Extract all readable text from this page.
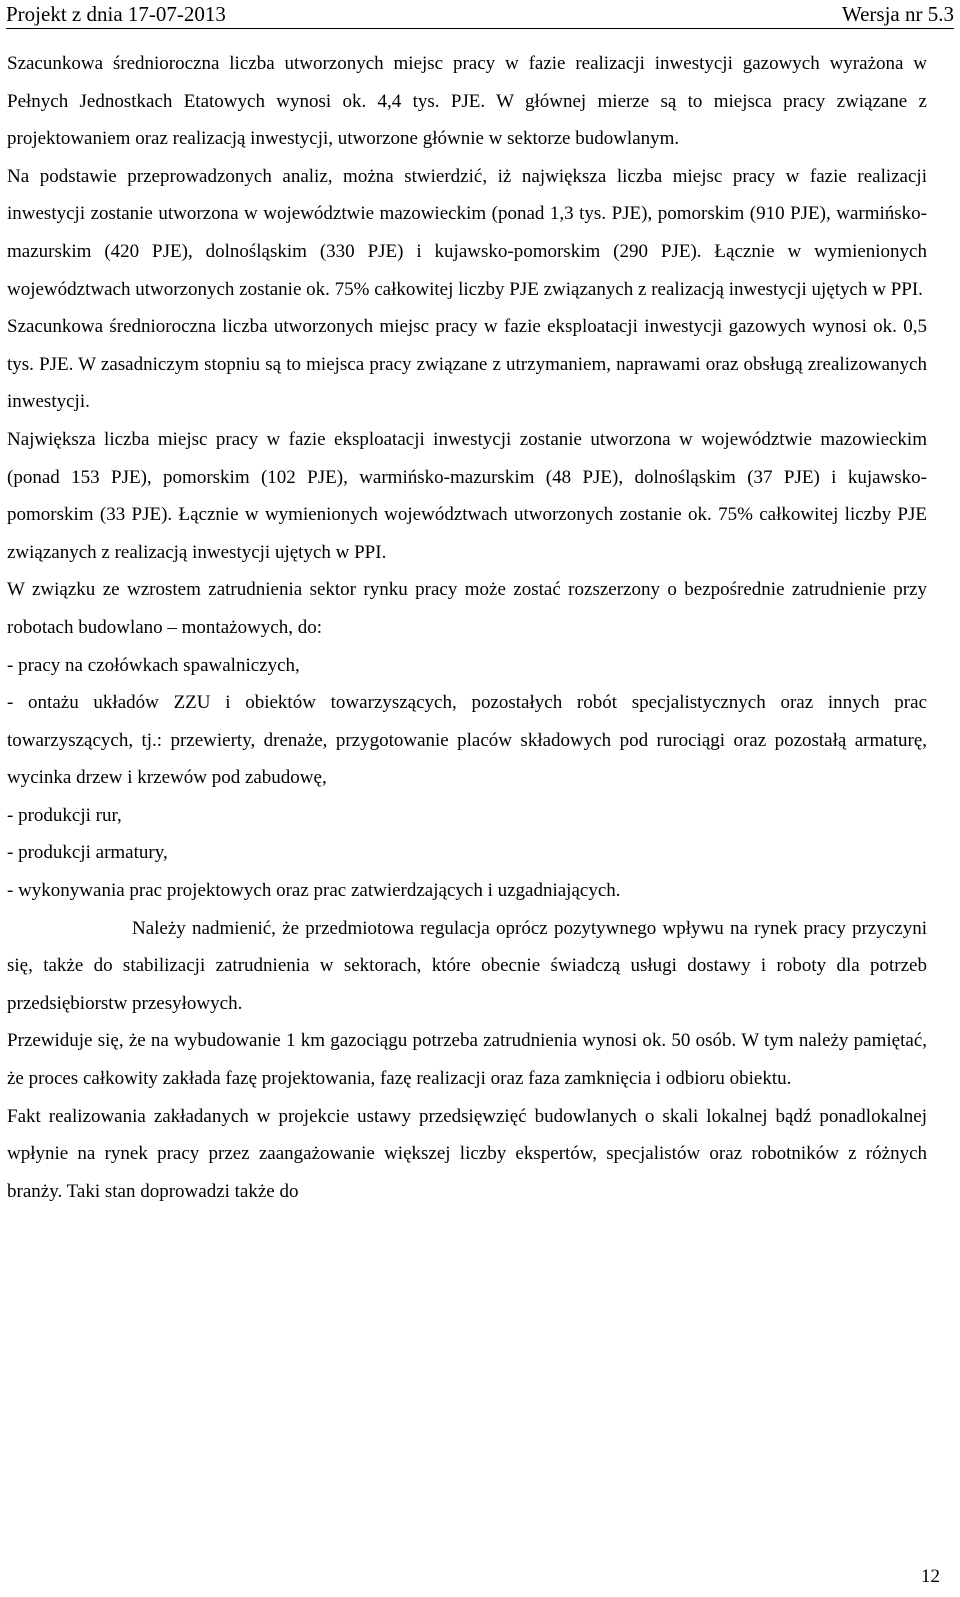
Projekt z dnia 17-07-2013	Wersja nr 5.3

Szacunkowa średnioroczna liczba utworzonych miejsc pracy w fazie realizacji inwestycji gazowych wyrażona w Pełnych Jednostkach Etatowych wynosi ok. 4,4 tys. PJE. W głównej mierze są to miejsca pracy związane z projektowaniem oraz realizacją inwestycji, utworzone głównie w sektorze budowlanym.

Na podstawie przeprowadzonych analiz, można stwierdzić, iż największa liczba miejsc pracy w fazie realizacji inwestycji zostanie utworzona w województwie mazowieckim (ponad 1,3 tys. PJE), pomorskim (910 PJE), warmińsko-mazurskim (420 PJE), dolnośląskim (330 PJE) i kujawsko-pomorskim (290 PJE). Łącznie w wymienionych województwach utworzonych zostanie ok. 75% całkowitej liczby PJE związanych z realizacją inwestycji ujętych w PPI.

Szacunkowa średnioroczna liczba utworzonych miejsc pracy w fazie eksploatacji inwestycji gazowych wynosi ok. 0,5 tys. PJE. W zasadniczym stopniu są to miejsca pracy związane z utrzymaniem, naprawami oraz obsługą zrealizowanych inwestycji.

Największa liczba miejsc pracy w fazie eksploatacji inwestycji zostanie utworzona w województwie mazowieckim (ponad 153 PJE), pomorskim (102 PJE), warmińsko-mazurskim (48 PJE), dolnośląskim (37 PJE) i kujawsko-pomorskim (33 PJE). Łącznie w wymienionych województwach utworzonych zostanie ok. 75% całkowitej liczby PJE związanych z realizacją inwestycji ujętych w PPI.

W związku ze wzrostem zatrudnienia sektor rynku pracy może zostać rozszerzony o bezpośrednie zatrudnienie przy robotach budowlano – montażowych, do:

- pracy na czołówkach spawalniczych,

- ontażu układów ZZU i obiektów towarzyszących, pozostałych robót specjalistycznych oraz innych prac towarzyszących, tj.: przewierty, drenaże, przygotowanie placów składowych pod rurociągi oraz pozostałą armaturę, wycinka drzew i krzewów pod zabudowę,

- produkcji rur,

- produkcji armatury,

- wykonywania prac projektowych oraz prac zatwierdzających i uzgadniających.

Należy nadmienić, że przedmiotowa regulacja oprócz pozytywnego wpływu na rynek pracy przyczyni się, także do stabilizacji zatrudnienia w sektorach, które obecnie świadczą usługi dostawy i roboty dla potrzeb przedsiębiorstw przesyłowych.

Przewiduje się, że na wybudowanie 1 km gazociągu potrzeba zatrudnienia wynosi ok. 50 osób. W tym należy pamiętać, że proces całkowity zakłada fazę projektowania, fazę realizacji oraz faza zamknięcia i odbioru obiektu.

Fakt realizowania zakładanych w projekcie ustawy przedsięwzięć budowlanych o skali lokalnej bądź ponadlokalnej wpłynie na rynek pracy przez zaangażowanie większej liczby ekspertów, specjalistów oraz robotników z różnych branży. Taki stan doprowadzi także do

12
